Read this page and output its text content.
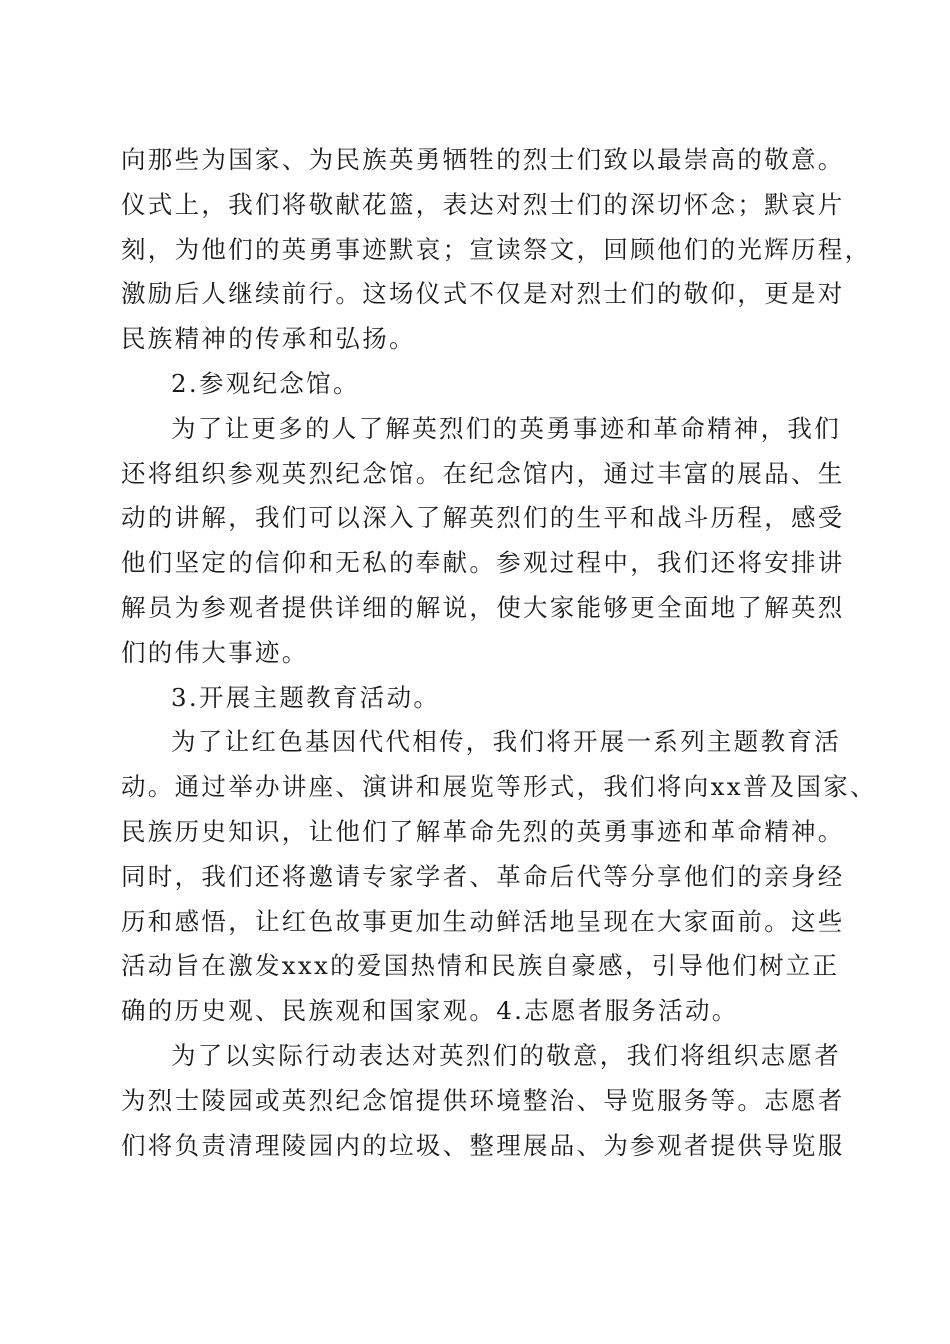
向那些为国家、为民族英勇牺牲的烈士们致以最崇高的敬意。
仪式上，我们将敬献花篮，表达对烈士们的深切怀念；默哀片
刻，为他们的英勇事迹默哀；宣读祭文，回顾他们的光辉历程，
激励后人继续前行。这场仪式不仅是对烈士们的敬仰，更是对
民族精神的传承和弘扬。
2.参观纪念馆。
为了让更多的人了解英烈们的英勇事迹和革命精神，我们
还将组织参观英烈纪念馆。在纪念馆内，通过丰富的展品、生
动的讲解，我们可以深入了解英烈们的生平和战斗历程，感受
他们坚定的信仰和无私的奉献。参观过程中，我们还将安排讲
解员为参观者提供详细的解说，使大家能够更全面地了解英烈
们的伟大事迹。
3.开展主题教育活动。
为了让红色基因代代相传，我们将开展一系列主题教育活
动。通过举办讲座、演讲和展览等形式，我们将向xx普及国家、
民族历史知识，让他们了解革命先烈的英勇事迹和革命精神。
同时，我们还将邀请专家学者、革命后代等分享他们的亲身经
历和感悟，让红色故事更加生动鲜活地呈现在大家面前。这些
活动旨在激发xxx的爱国热情和民族自豪感，引导他们树立正
确的历史观、民族观和国家观。4.志愿者服务活动。
为了以实际行动表达对英烈们的敬意，我们将组织志愿者
为烈士陵园或英烈纪念馆提供环境整治、导览服务等。志愿者
们将负责清理陵园内的垃圾、整理展品、为参观者提供导览服
